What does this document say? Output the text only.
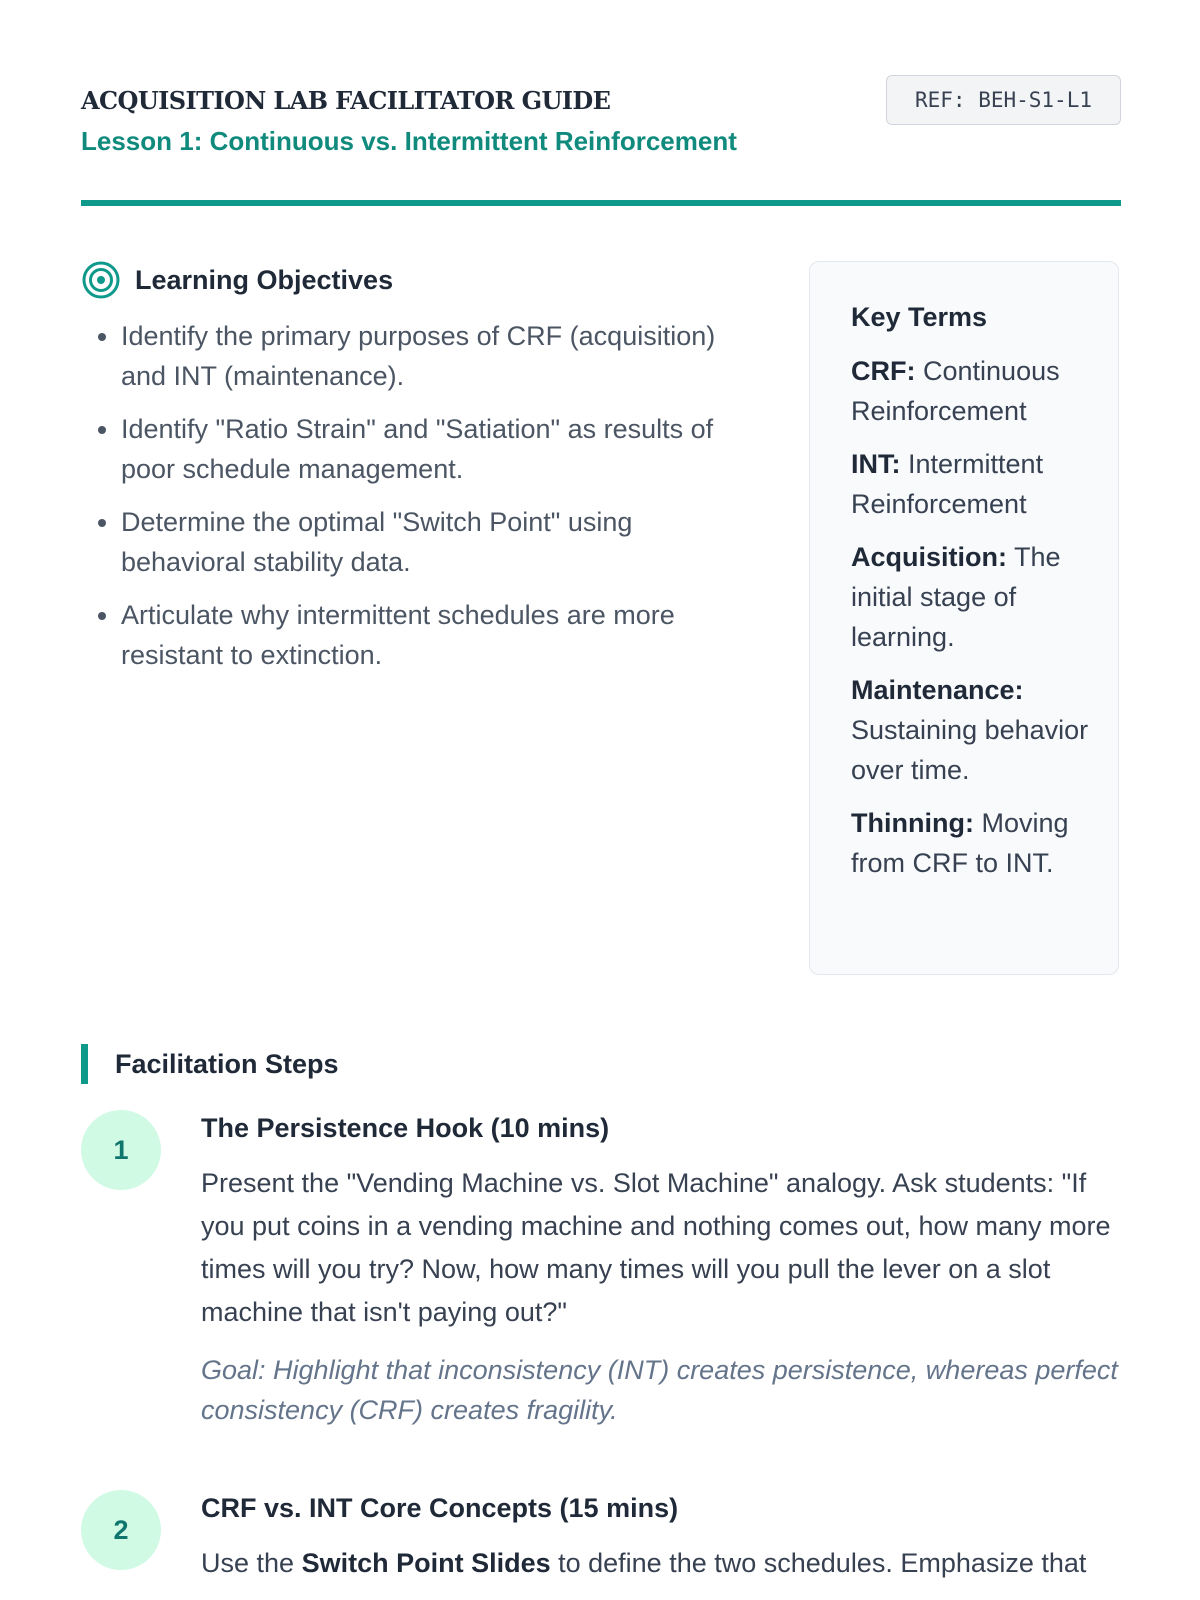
ACQUISITION LAB FACILITATOR GUIDE
Lesson 1: Continuous vs. Intermittent Reinforcement
REF: BEH-S1-L1
Learning Objectives
• Identify the primary purposes of CRF (acquisition) and INT (maintenance).
• Identify "Ratio Strain" and "Satiation" as results of poor schedule management.
• Determine the optimal "Switch Point" using behavioral stability data.
• Articulate why intermittent schedules are more resistant to extinction.
Key Terms
CRF: Continuous Reinforcement
INT: Intermittent Reinforcement
Acquisition: The initial stage of learning.
Maintenance: Sustaining behavior over time.
Thinning: Moving from CRF to INT.
Facilitation Steps
1
The Persistence Hook (10 mins)
Present the "Vending Machine vs. Slot Machine" analogy. Ask students: "If you put coins in a vending machine and nothing comes out, how many more times will you try? Now, how many times will you pull the lever on a slot machine that isn't paying out?"
Goal: Highlight that inconsistency (INT) creates persistence, whereas perfect consistency (CRF) creates fragility.
2
CRF vs. INT Core Concepts (15 mins)
Use the Switch Point Slides to define the two schedules. Emphasize that
